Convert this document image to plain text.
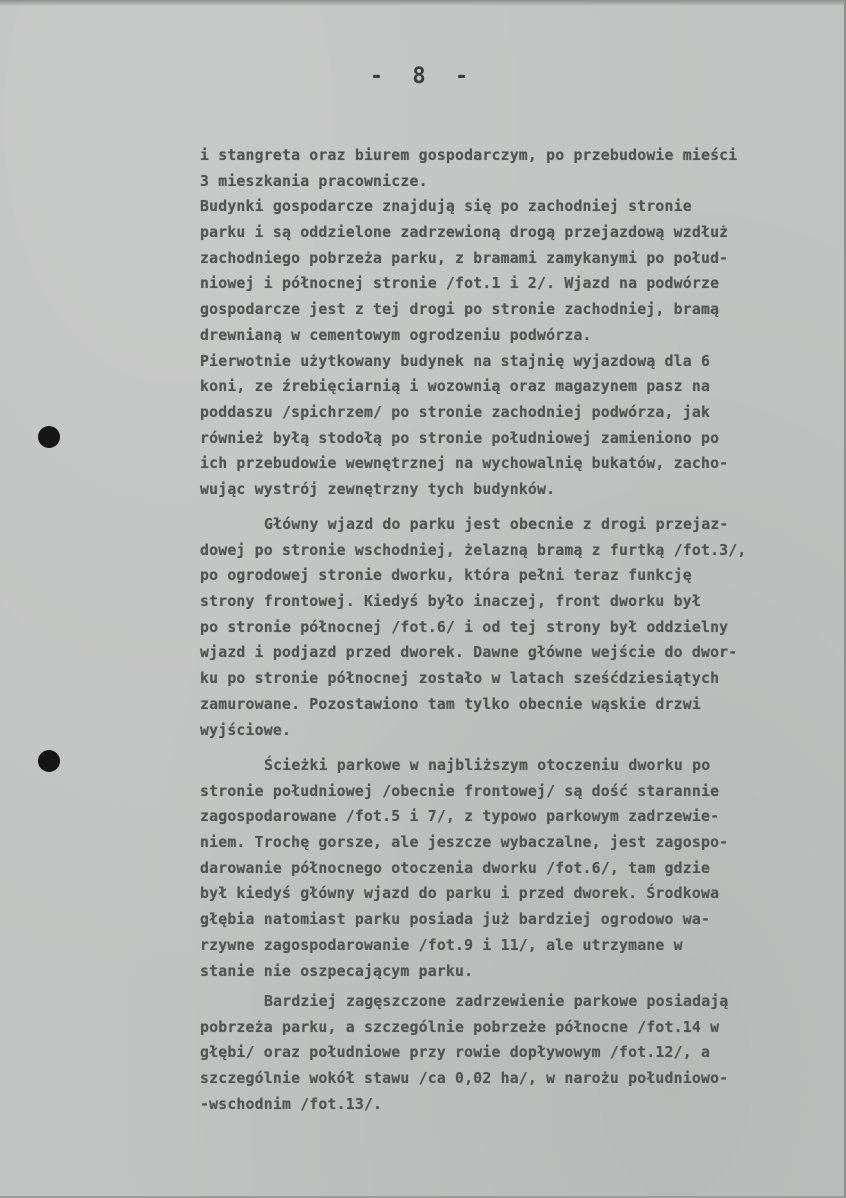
- 8 -
i stangreta oraz biurem gospodarczym, po przebudowie mieści
3 mieszkania pracownicze.
Budynki gospodarcze znajdują się po zachodniej stronie
parku i są oddzielone zadrzewioną drogą przejazdową wzdłuż
zachodniego pobrzeża parku, z bramami zamykanymi po połud-
niowej i północnej stronie /fot.1 i 2/. Wjazd na podwórze
gospodarcze jest z tej drogi po stronie zachodniej, bramą
drewnianą w cementowym ogrodzeniu podwórza.
Pierwotnie użytkowany budynek na stajnię wyjazdową dla 6
koni, ze źrebięciarnią i wozownią oraz magazynem pasz na
poddaszu /spichrzem/ po stronie zachodniej podwórza, jak
również byłą stodołą po stronie południowej zamieniono po
ich przebudowie wewnętrznej na wychowalnię bukatów, zacho-
wując wystrój zewnętrzny tych budynków.
Główny wjazd do parku jest obecnie z drogi przejaz-
dowej po stronie wschodniej, żelazną bramą z furtką /fot.3/,
po ogrodowej stronie dworku, która pełni teraz funkcję
strony frontowej. Kiedyś było inaczej, front dworku był
po stronie północnej /fot.6/ i od tej strony był oddzielny
wjazd i podjazd przed dworek. Dawne główne wejście do dwor-
ku po stronie północnej zostało w latach sześćdziesiątych
zamurowane. Pozostawiono tam tylko obecnie wąskie drzwi
wyjściowe.
Ścieżki parkowe w najbliższym otoczeniu dworku po
stronie południowej /obecnie frontowej/ są dość starannie
zagospodarowane /fot.5 i 7/, z typowo parkowym zadrzewie-
niem. Trochę gorsze, ale jeszcze wybaczalne, jest zagospo-
darowanie północnego otoczenia dworku /fot.6/, tam gdzie
był kiedyś główny wjazd do parku i przed dworek. Środkowa
głębia natomiast parku posiada już bardziej ogrodowo wa-
rzywne zagospodarowanie /fot.9 i 11/, ale utrzymane w
stanie nie oszpecającym parku.
Bardziej zagęszczone zadrzewienie parkowe posiadają
pobrzeża parku, a szczególnie pobrzeże północne /fot.14 w
głębi/ oraz południowe przy rowie dopływowym /fot.12/, a
szczególnie wokół stawu /ca 0,02 ha/, w narożu południowo-
-wschodnim /fot.13/.
